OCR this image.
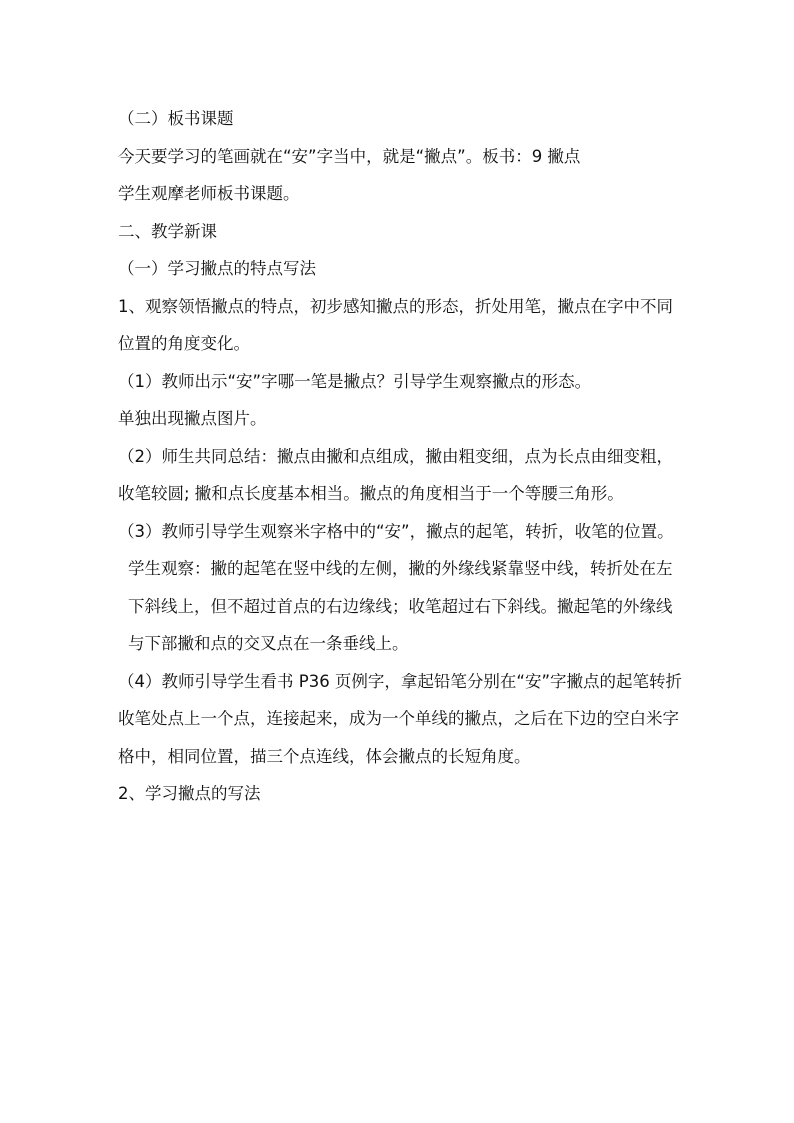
（二）板书课题

今天要学习的笔画就在“安”字当中，就是“撇点”。板书：9 撇点

学生观摩老师板书课题。

二、教学新课

（一）学习撇点的特点写法

1、观察领悟撇点的特点，初步感知撇点的形态，折处用笔，撇点在字中不同位置的角度变化。

（1）教师出示“安”字哪一笔是撇点？引导学生观察撇点的形态。

单独出现撇点图片。

（2）师生共同总结：撇点由撇和点组成，撇由粗变细，点为长点由细变粗，收笔较圆; 撇和点长度基本相当。撇点的角度相当于一个等腰三角形。

（3）教师引导学生观察米字格中的“安”，撇点的起笔，转折，收笔的位置。

学生观察：撇的起笔在竖中线的左侧，撇的外缘线紧靠竖中线，转折处在左下斜线上，但不超过首点的右边缘线；收笔超过右下斜线。撇起笔的外缘线与下部撇和点的交叉点在一条垂线上。

（4）教师引导学生看书 P36 页例字，拿起铅笔分别在“安”字撇点的起笔转折收笔处点上一个点，连接起来，成为一个单线的撇点，之后在下边的空白米字格中，相同位置，描三个点连线，体会撇点的长短角度。

2、学习撇点的写法
